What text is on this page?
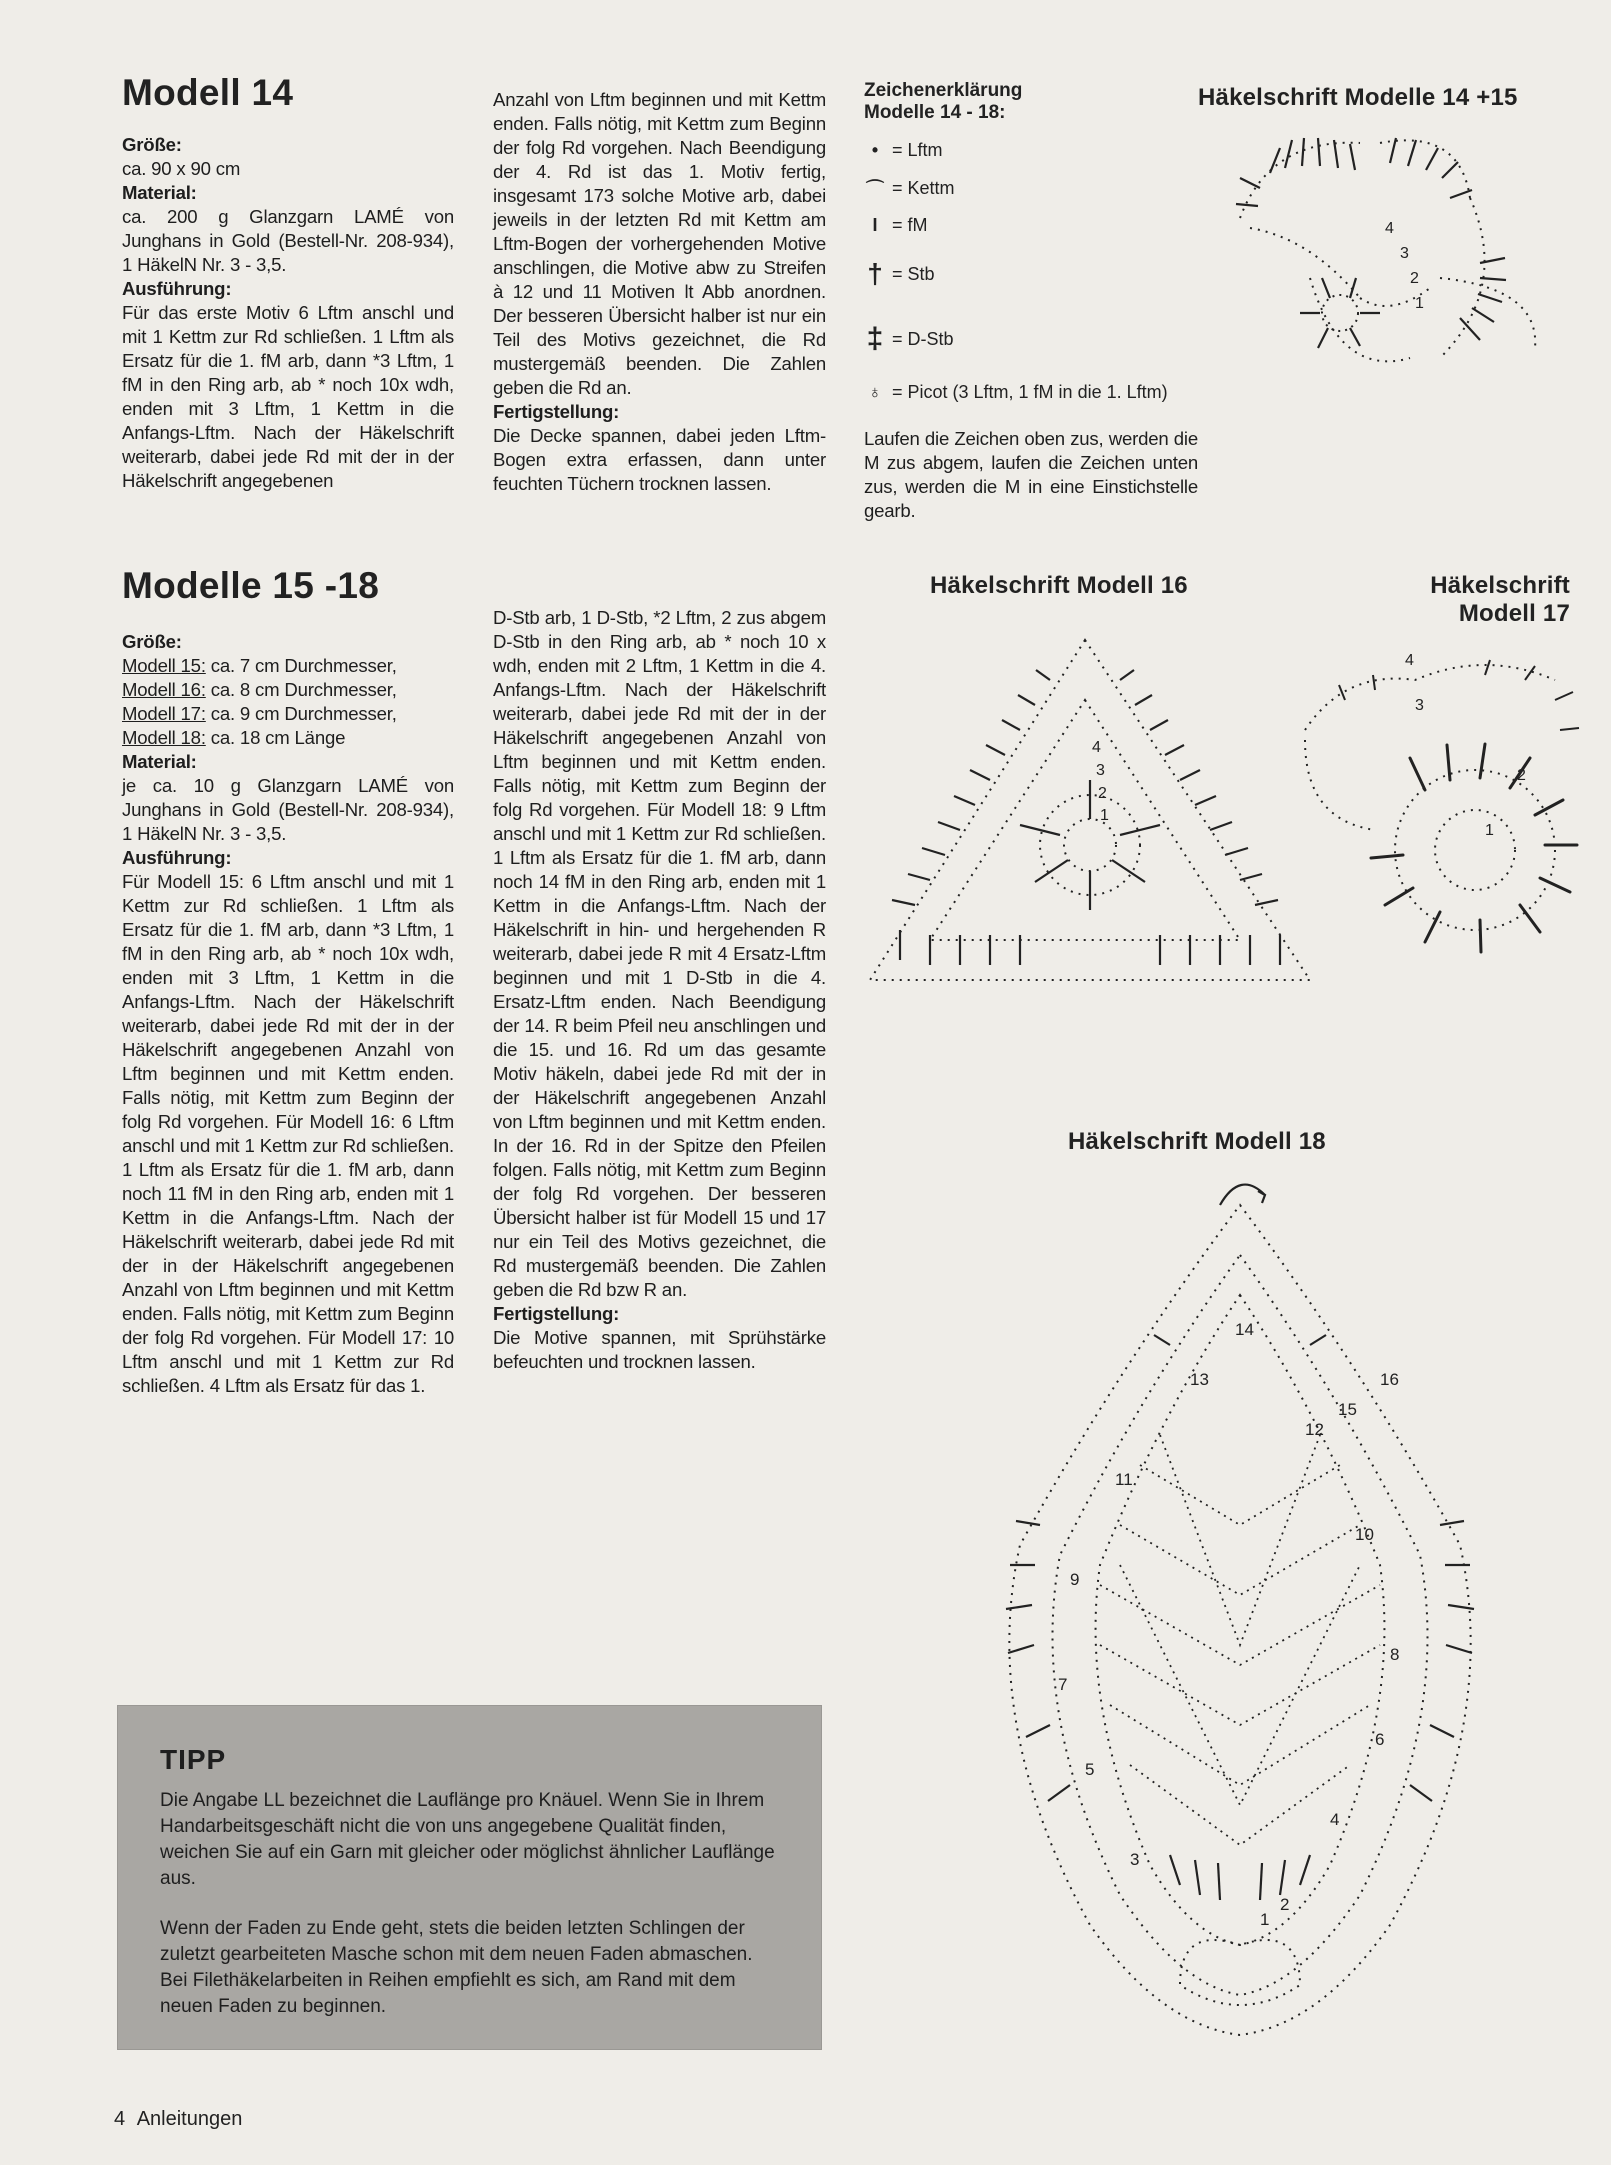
Modell 14
Größe:

ca. 90 x 90 cm

Material:

ca. 200 g Glanzgarn LAMÉ von Junghans in Gold (Bestell-Nr. 208-934), 1 HäkelN Nr. 3 - 3,5.

Ausführung:

Für das erste Motiv 6 Lftm anschl und mit 1 Kettm zur Rd schließen. 1 Lftm als Ersatz für die 1. fM arb, dann *3 Lftm, 1 fM in den Ring arb, ab * noch 10x wdh, enden mit 3 Lftm, 1 Kettm in die Anfangs-Lftm. Nach der Häkelschrift weiterarb, dabei jede Rd mit der in der Häkelschrift angegebenen

Anzahl von Lftm beginnen und mit Kettm enden. Falls nötig, mit Kettm zum Beginn der folg Rd vorgehen. Nach Beendigung der 4. Rd ist das 1. Motiv fertig, insgesamt 173 solche Motive arb, dabei jeweils in der letzten Rd mit Kettm am Lftm-Bogen der vorhergehenden Motive anschlingen, die Motive abw zu Streifen à 12 und 11 Motiven lt Abb anordnen. Der besseren Übersicht halber ist nur ein Teil des Motivs gezeichnet, die Rd mustergemäß beenden. Die Zahlen geben die Rd an.

Fertigstellung:

Die Decke spannen, dabei jeden Lftm-Bogen extra erfassen, dann unter feuchten Tüchern trocknen lassen.

Zeichenerklärung
Modelle 14 - 18:
• = Lftm
⌒ = Kettm
I = fM
† = Stb
‡ = D-Stb
♁ = Picot (3 Lftm, 1 fM in die 1. Lftm)

Laufen die Zeichen oben zus, werden die M zus abgem, laufen die Zeichen unten zus, werden die M in eine Einstichstelle gearb.

Häkelschrift Modelle 14 +15
4
3
2
1
Modelle 15 -18
Größe:

Modell 15: ca. 7 cm Durchmesser,

Modell 16: ca. 8 cm Durchmesser,

Modell 17: ca. 9 cm Durchmesser,

Modell 18: ca. 18 cm Länge

Material:

je ca. 10 g Glanzgarn LAMÉ von Junghans in Gold (Bestell-Nr. 208-934), 1 HäkelN Nr. 3 - 3,5.

Ausführung:

Für Modell 15: 6 Lftm anschl und mit 1 Kettm zur Rd schließen. 1 Lftm als Ersatz für die 1. fM arb, dann *3 Lftm, 1 fM in den Ring arb, ab * noch 10x wdh, enden mit 3 Lftm, 1 Kettm in die Anfangs-Lftm. Nach der Häkelschrift weiterarb, dabei jede Rd mit der in der Häkelschrift angegebenen Anzahl von Lftm beginnen und mit Kettm enden. Falls nötig, mit Kettm zum Beginn der folg Rd vorgehen. Für Modell 16: 6 Lftm anschl und mit 1 Kettm zur Rd schließen. 1 Lftm als Ersatz für die 1. fM arb, dann noch 11 fM in den Ring arb, enden mit 1 Kettm in die Anfangs-Lftm. Nach der Häkelschrift weiterarb, dabei jede Rd mit der in der Häkelschrift angegebenen Anzahl von Lftm beginnen und mit Kettm enden. Falls nötig, mit Kettm zum Beginn der folg Rd vorgehen. Für Modell 17: 10 Lftm anschl und mit 1 Kettm zur Rd schließen. 4 Lftm als Ersatz für das 1.

D-Stb arb, 1 D-Stb, *2 Lftm, 2 zus abgem D-Stb in den Ring arb, ab * noch 10 x wdh, enden mit 2 Lftm, 1 Kettm in die 4. Anfangs-Lftm. Nach der Häkelschrift weiterarb, dabei jede Rd mit der in der Häkelschrift angegebenen Anzahl von Lftm beginnen und mit Kettm enden. Falls nötig, mit Kettm zum Beginn der folg Rd vorgehen. Für Modell 18: 9 Lftm anschl und mit 1 Kettm zur Rd schließen. 1 Lftm als Ersatz für die 1. fM arb, dann noch 14 fM in den Ring arb, enden mit 1 Kettm in die Anfangs-Lftm. Nach der Häkelschrift in hin- und hergehenden R weiterarb, dabei jede R mit 4 Ersatz-Lftm beginnen und mit 1 D-Stb in die 4. Ersatz-Lftm enden. Nach Beendigung der 14. R beim Pfeil neu anschlingen und die 15. und 16. Rd um das gesamte Motiv häkeln, dabei jede Rd mit der in der Häkelschrift angegebenen Anzahl von Lftm beginnen und mit Kettm enden. In der 16. Rd in der Spitze den Pfeilen folgen. Falls nötig, mit Kettm zum Beginn der folg Rd vorgehen. Der besseren Übersicht halber ist für Modell 15 und 17 nur ein Teil des Motivs gezeichnet, die Rd mustergemäß beenden. Die Zahlen geben die Rd bzw R an.

Fertigstellung:

Die Motive spannen, mit Sprühstärke befeuchten und trocknen lassen.

Häkelschrift Modell 16
4
3
2
1
Häkelschrift
Modell 17
4
3
2
1
Häkelschrift Modell 18
1
2
3
4
5
6
7
8
9
10
11
12
13
14
15
16
TIPP

Die Angabe LL bezeichnet die Lauflänge pro Knäuel. Wenn Sie in Ihrem Handarbeitsgeschäft nicht die von uns angegebene Qualität finden, weichen Sie auf ein Garn mit gleicher oder möglichst ähnlicher Lauflänge aus.

Wenn der Faden zu Ende geht, stets die beiden letzten Schlingen der zuletzt gearbeiteten Masche schon mit dem neuen Faden abmaschen. Bei Filethäkelarbeiten in Reihen empfiehlt es sich, am Rand mit dem neuen Faden zu beginnen.

4 Anleitungen
